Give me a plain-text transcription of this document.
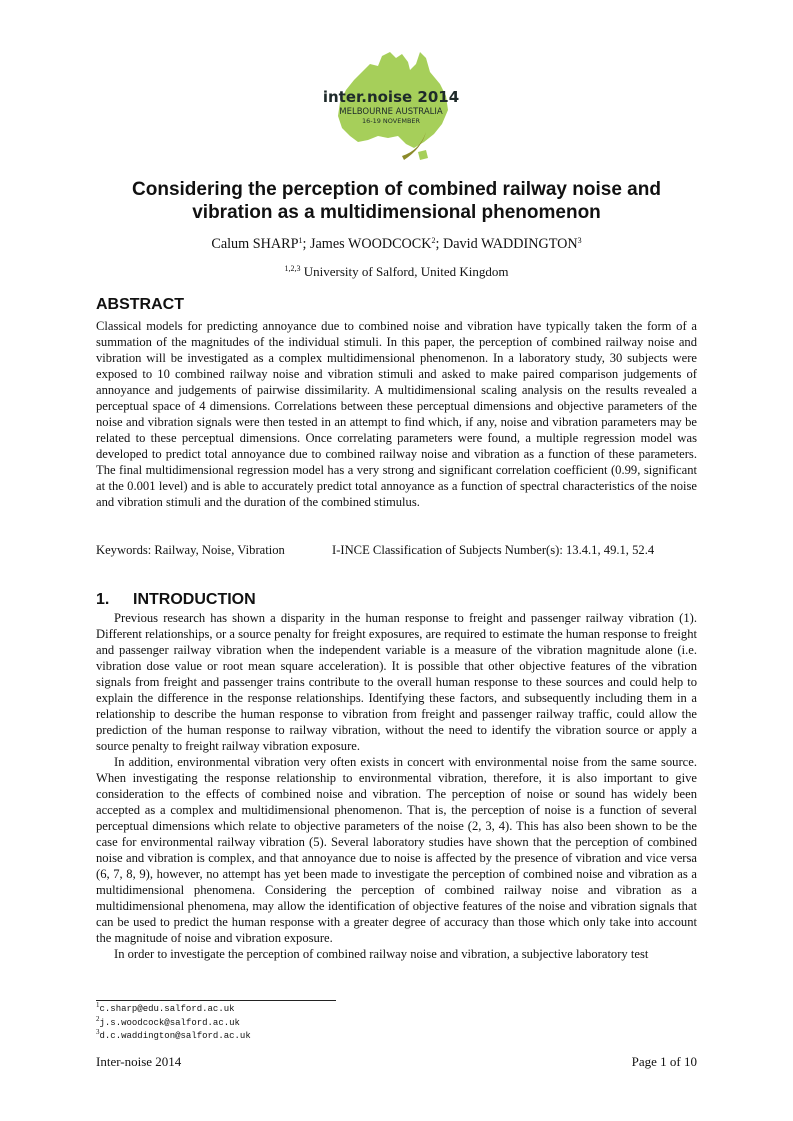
inter.noise 2014
MELBOURNE AUSTRALIA
16-19 NOVEMBER
Considering the perception of combined railway noise and vibration as a multidimensional phenomenon
Calum SHARP$^1$; James WOODCOCK$^2$; David WADDINGTON$^3$
$^{1,2,3}$ University of Salford, United Kingdom
ABSTRACT

Classical models for predicting annoyance due to combined noise and vibration have typically taken the form of a summation of the magnitudes of the individual stimuli. In this paper, the perception of combined railway noise and vibration will be investigated as a complex multidimensional phenomenon. In a laboratory study, 30 subjects were exposed to 10 combined railway noise and vibration stimuli and asked to make paired comparison judgements of annoyance and judgements of pairwise dissimilarity. A multidimensional scaling analysis on the results revealed a perceptual space of 4 dimensions. Correlations between these perceptual dimensions and objective parameters of the noise and vibration signals were then tested in an attempt to find which, if any, noise and vibration parameters may be related to these perceptual dimensions. Once correlating parameters were found, a multiple regression model was developed to predict total annoyance due to combined railway noise and vibration as a function of these parameters. The final multidimensional regression model has a very strong and significant correlation coefficient (0.99, significant at the 0.001 level) and is able to accurately predict total annoyance as a function of spectral characteristics of the noise and vibration stimuli and the duration of the combined stimulus.

Keywords: Railway, Noise, Vibration	I-INCE Classification of Subjects Number(s): 13.4.1, 49.1, 52.4
1. INTRODUCTION

Previous research has shown a disparity in the human response to freight and passenger railway vibration (1). Different relationships, or a source penalty for freight exposures, are required to estimate the human response to freight and passenger railway vibration when the independent variable is a measure of the vibration magnitude alone (i.e. vibration dose value or root mean square acceleration). It is possible that other objective features of the vibration signals from freight and passenger trains contribute to the overall human response to these sources and could help to explain the difference in the response relationships. Identifying these factors, and subsequently including them in a relationship to describe the human response to vibration from freight and passenger railway traffic, could allow the prediction of the human response to railway vibration, without the need to identify the vibration source or apply a source penalty to freight railway vibration exposure.

In addition, environmental vibration very often exists in concert with environmental noise from the same source. When investigating the response relationship to environmental vibration, therefore, it is also important to give consideration to the effects of combined noise and vibration. The perception of noise or sound has widely been accepted as a complex and multidimensional phenomenon. That is, the perception of noise is a function of several perceptual dimensions which relate to objective parameters of the noise (2, 3, 4). This has also been shown to be the case for environmental railway vibration (5). Several laboratory studies have shown that the perception of combined noise and vibration is complex, and that annoyance due to noise is affected by the presence of vibration and vice versa (6, 7, 8, 9), however, no attempt has yet been made to investigate the perception of combined noise and vibration as a multidimensional phenomena. Considering the perception of combined railway noise and vibration as a multidimensional phenomena, may allow the identification of objective features of the noise and vibration signals that can be used to predict the human response with a greater degree of accuracy than those which only take into account the magnitude of noise and vibration exposure.

In order to investigate the perception of combined railway noise and vibration, a subjective laboratory test

$^1$c.sharp@edu.salford.ac.uk
$^2$j.s.woodcock@salford.ac.uk
$^3$d.c.waddington@salford.ac.uk
Inter-noise 2014	Page 1 of 10
